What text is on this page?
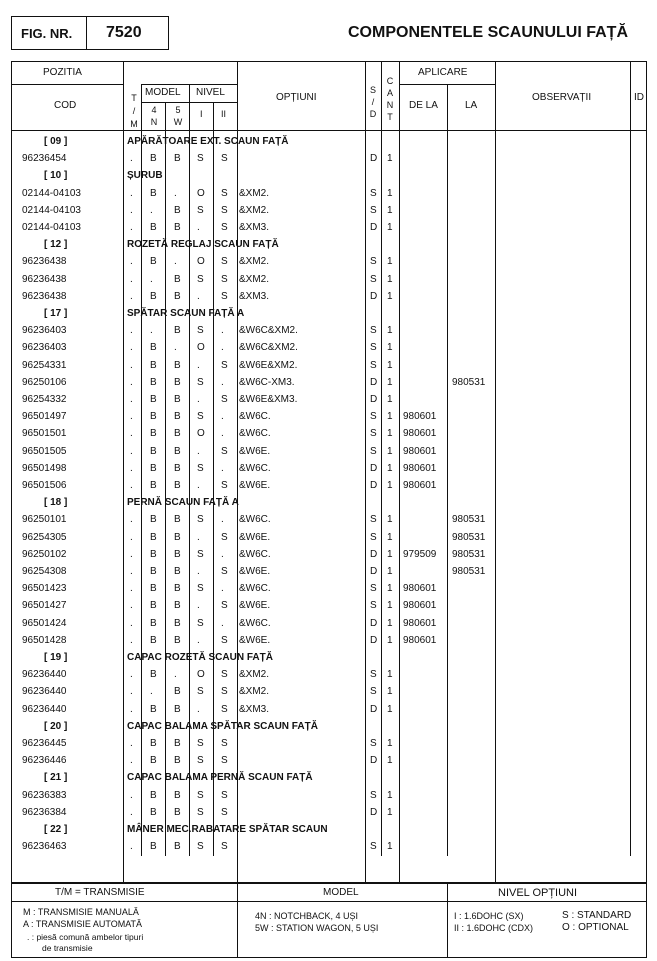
FIG. NR. 7520	COMPONENTELE SCAUNULUI FAȚĂ
POZITIA
COD
T
/
M
MODEL NIVEL
4
N
5
W
I II
OPȚIUNI
S
/
D
C
A
N
T
APLICARE
DE LA	LA
OBSERVAȚII	ID
[ 09 ]	APĂRĂTOARE EXT. SCAUN FAȚĂ
96236454	. B B S S	D 1
[ 10 ]	ȘURUB
02144-04103	. B . O S &XM2.	S 1
02144-04103	. . B S S &XM2.	S 1
02144-04103	. B B . S &XM3.	D 1
[ 12 ]	ROZETĂ REGLAJ SCAUN FAȚĂ
96236438	. B . O S &XM2.	S 1
96236438	. . B S S &XM2.	S 1
96236438	. B B . S &XM3.	D 1
[ 17 ]	SPĂTAR SCAUN FAȚĂ A
96236403	. . B S . &W6C&XM2.	S 1
96236403	. B . O . &W6C&XM2.	S 1
96254331	. B B . S &W6E&XM2.	S 1
96250106	. B B S . &W6C-XM3.	D 1	980531
96254332	. B B . S &W6E&XM3.	D 1
96501497	. B B S . &W6C.	S 1 980601
96501501	. B B O . &W6C.	S 1 980601
96501505	. B B . S &W6E.	S 1 980601
96501498	. B B S . &W6C.	D 1 980601
96501506	. B B . S &W6E.	D 1 980601
[ 18 ]	PERNĂ SCAUN FAȚĂ A
96250101	. B B S . &W6C.	S 1	980531
96254305	. B B . S &W6E.	S 1	980531
96250102	. B B S . &W6C.	D 1 979509 980531
96254308	. B B . S &W6E.	D 1	980531
96501423	. B B S . &W6C.	S 1 980601
96501427	. B B . S &W6E.	S 1 980601
96501424	. B B S . &W6C.	D 1 980601
96501428	. B B . S &W6E.	D 1 980601
[ 19 ]	CAPAC ROZETĂ SCAUN FAȚĂ
96236440	. B . O S &XM2.	S 1
96236440	. . B S S &XM2.	S 1
96236440	. B B . S &XM3.	D 1
[ 20 ]	CAPAC BALAMA SPĂTAR SCAUN FAȚĂ
96236445	. B B S S	S 1
96236446	. B B S S	D 1
[ 21 ]	CAPAC BALAMA PERNĂ SCAUN FAȚĂ
96236383	. B B S S	S 1
96236384	. B B S S	D 1
[ 22 ]	MÂNER MEC.RABATARE SPĂTAR SCAUN
96236463	. B B S S	S 1
T/M = TRANSMISIE	MODEL	NIVEL OPȚIUNI
M : TRANSMISIE MANUALĂ
A : TRANSMISIE AUTOMATĂ
. : piesă comună ambelor tipuri
de transmisie
4N : NOTCHBACK, 4 UȘI
5W : STATION WAGON, 5 UȘI
I : 1.6DOHC (SX)
II : 1.6DOHC (CDX)
S : STANDARD
O : OPTIONAL
